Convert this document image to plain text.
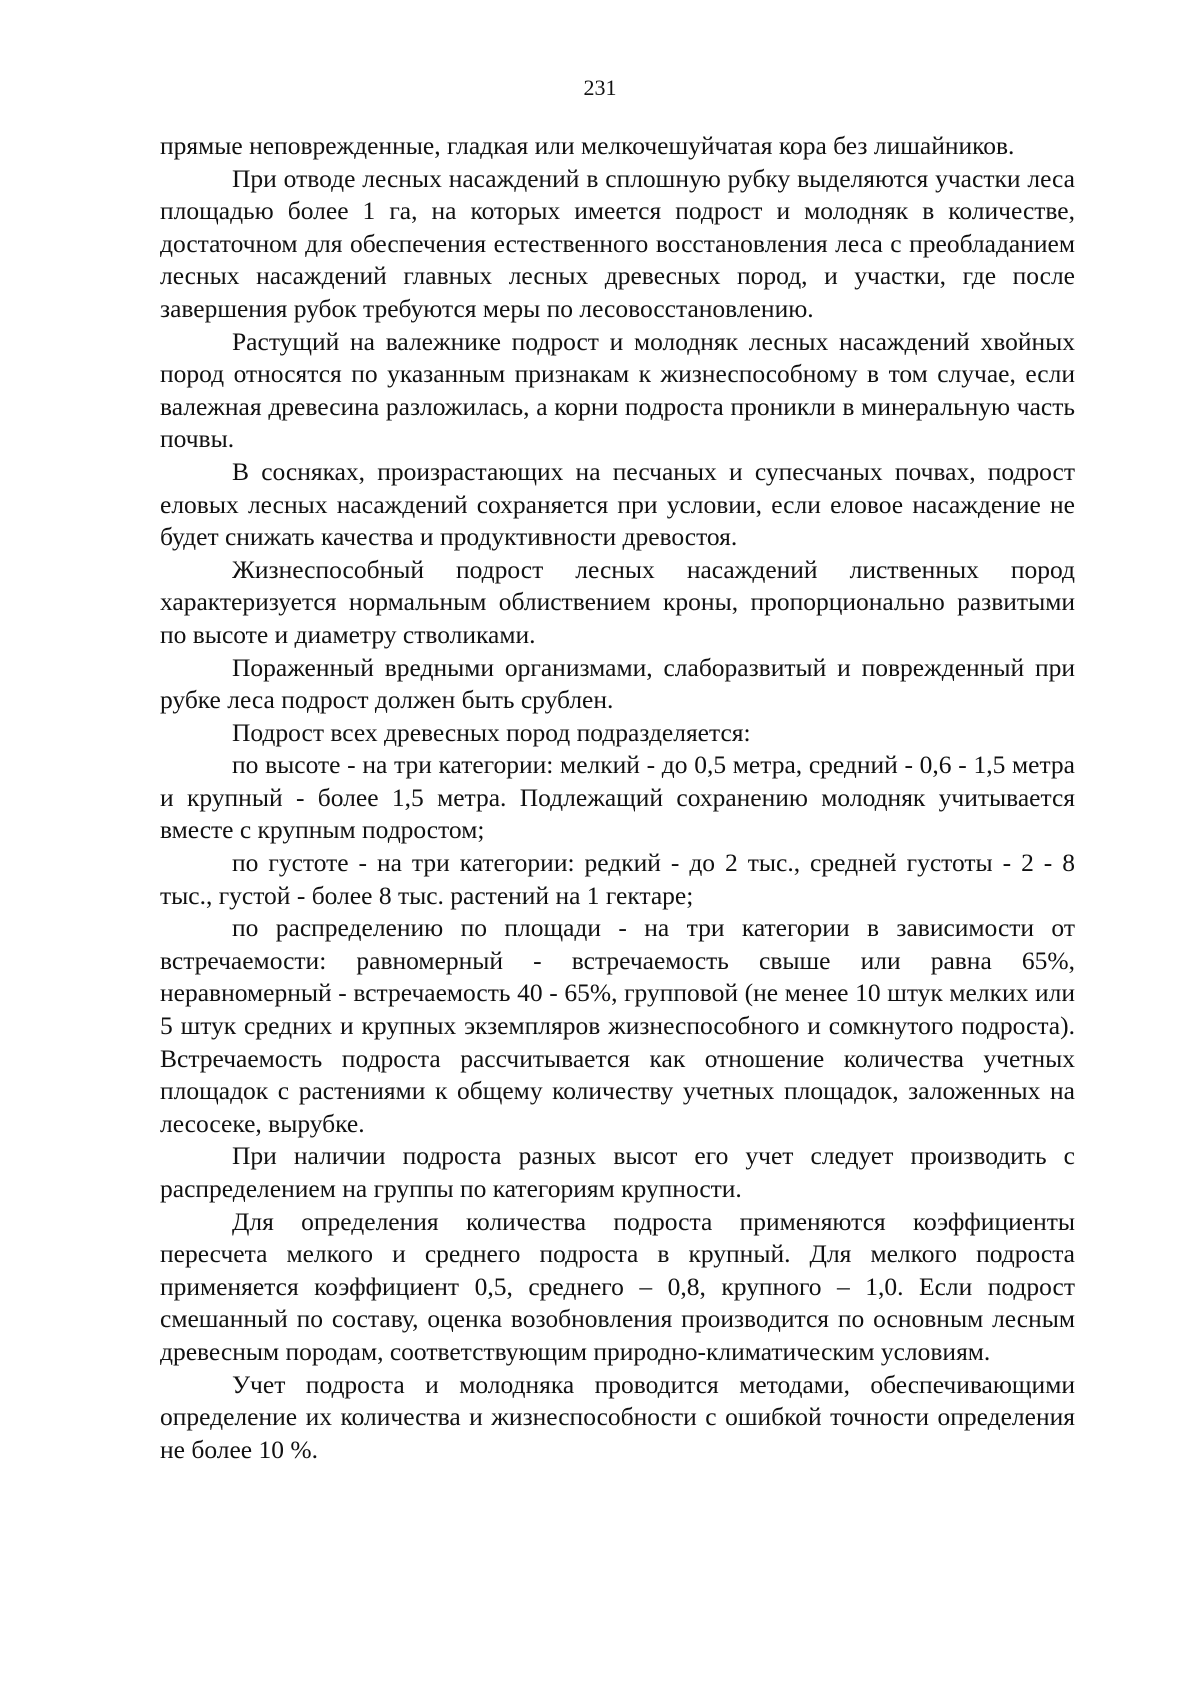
231

прямые неповрежденные, гладкая или мелкочешуйчатая кора без лишайников.

При отводе лесных насаждений в сплошную рубку выделяются участки леса площадью более 1 га, на которых имеется подрост и молодняк в количестве, достаточном для обеспечения естественного восстановления леса с преобладанием лесных насаждений главных лесных древесных пород, и участки, где после завершения рубок требуются меры по лесовосстановлению.

Растущий на валежнике подрост и молодняк лесных насаждений хвойных пород относятся по указанным признакам к жизнеспособному в том случае, если валежная древесина разложилась, а корни подроста проникли в минеральную часть почвы.

В сосняках, произрастающих на песчаных и супесчаных почвах, подрост еловых лесных насаждений сохраняется при условии, если еловое насаждение не будет снижать качества и продуктивности древостоя.

Жизнеспособный подрост лесных насаждений лиственных пород характеризуется нормальным облиствением кроны, пропорционально развитыми по высоте и диаметру стволиками.

Пораженный вредными организмами, слаборазвитый и поврежденный при рубке леса подрост должен быть срублен.

Подрост всех древесных пород подразделяется:

по высоте - на три категории: мелкий - до 0,5 метра, средний - 0,6 - 1,5 метра и крупный - более 1,5 метра. Подлежащий сохранению молодняк учитывается вместе с крупным подростом;

по густоте - на три категории: редкий - до 2 тыс., средней густоты - 2 - 8 тыс., густой - более 8 тыс. растений на 1 гектаре;

по распределению по площади - на три категории в зависимости от встречаемости: равномерный - встречаемость свыше или равна 65%, неравномерный - встречаемость 40 - 65%, групповой (не менее 10 штук мелких или 5 штук средних и крупных экземпляров жизнеспособного и сомкнутого подроста). Встречаемость подроста рассчитывается как отношение количества учетных площадок с растениями к общему количеству учетных площадок, заложенных на лесосеке, вырубке.

При наличии подроста разных высот его учет следует производить с распределением на группы по категориям крупности.

Для определения количества подроста применяются коэффициенты пересчета мелкого и среднего подроста в крупный. Для мелкого подроста применяется коэффициент 0,5, среднего – 0,8, крупного – 1,0. Если подрост смешанный по составу, оценка возобновления производится по основным лесным древесным породам, соответствующим природно-климатическим условиям.

Учет подроста и молодняка проводится методами, обеспечивающими определение их количества и жизнеспособности с ошибкой точности определения не более 10 %.
